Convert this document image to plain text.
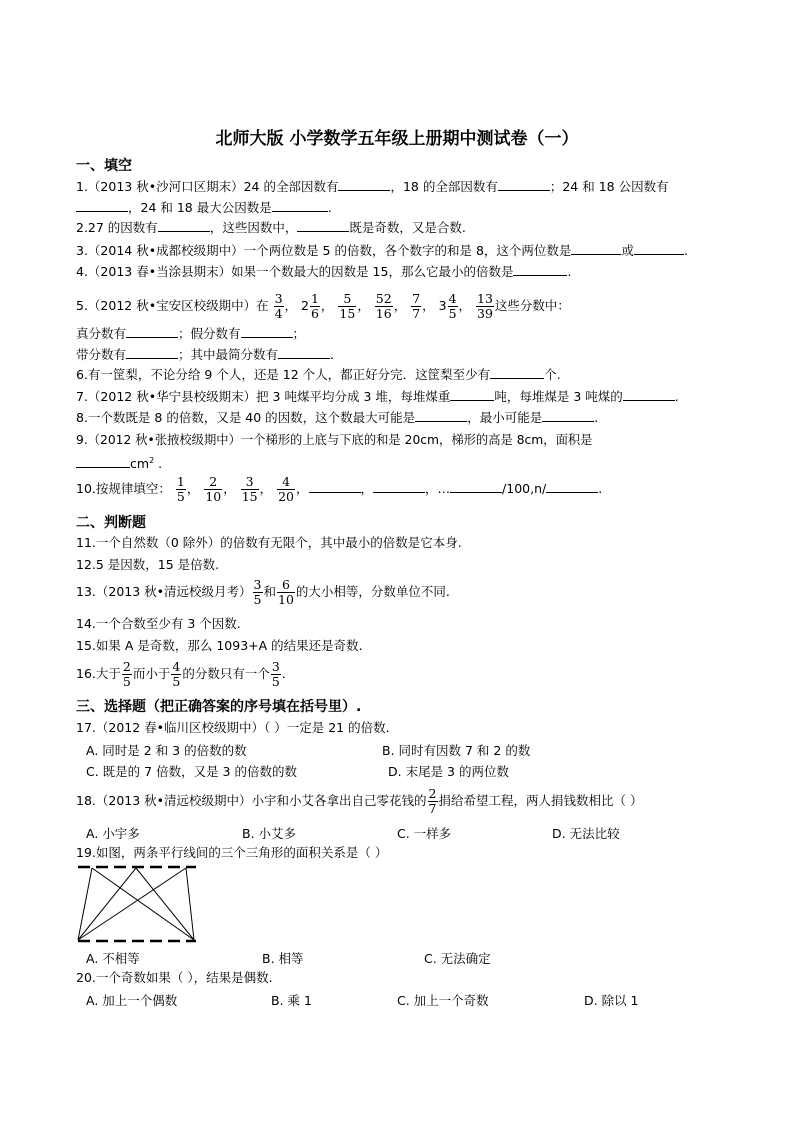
北师大版 小学数学五年级上册期中测试卷（一）
一、填空
1.（2013 秋•沙河口区期末）24 的全部因数有	，18 的全部因数有	；24 和 18 公因数有
，24 和 18 最大公因数是	.
2.27 的因数有	，这些因数中，	既是奇数，又是合数.
3.（2014 秋•成都校级期中）一个两位数是 5 的倍数，各个数字的和是 8，这个两位数是	或	.
4.（2013 春•当涂县期末）如果一个数最大的因数是 15，那么它最小的倍数是	.
5.（2012 秋•宝安区校级期中）在 $\frac{3}{4}$ ， $2 \frac{1}{6}$ ， $\frac{5}{15}$ ， $\frac{52}{16}$ ， $\frac{7}{7}$ ， $3 \frac{4}{5}$ ， $\frac{13}{39}$ 这些分数中：
真分数有	；假分数有	；
带分数有	；其中最简分数有	.
6.有一筐梨，不论分给 9 个人，还是 12 个人，都正好分完．这筐梨至少有	个.
7.（2012 秋•华宁县校级期末）把 3 吨煤平均分成 3 堆，每堆煤重	吨，每堆煤是 3 吨煤的	.
8.一个数既是 8 的倍数，又是 40 的因数，这个数最大可能是	，最小可能是	.
9.（2012 秋•张掖校级期中）一个梯形的上底与下底的和是 20cm，梯形的高是 8cm，面积是
$cm^2$ .
10.按规律填空： $\frac{1}{5}$ ， $\frac{2}{10}$ ， $\frac{3}{15}$ ， $\frac{4}{20}$ ，	，	，…	/100,n/	.
二、判断题
11.一个自然数（0 除外）的倍数有无限个，其中最小的倍数是它本身.
12.5 是因数，15 是倍数.
13.（2013 秋•清远校级月考） $\frac{3}{5}$ 和 $\frac{6}{10}$ 的大小相等，分数单位不同.
14.一个合数至少有 3 个因数.
15.如果 A 是奇数，那么 1093+A 的结果还是奇数.
16.大于 $\frac{2}{5}$ 而小于 $\frac{4}{5}$ 的分数只有一个 $\frac{3}{5}$ .
三、选择题（把正确答案的序号填在括号里）.
17.（2012 春•临川区校级期中）（ ）一定是 21 的倍数.
A. 同时是 2 和 3 的倍数的数	B. 同时有因数 7 和 2 的数
C. 既是的 7 倍数，又是 3 的倍数的数	D. 末尾是 3 的两位数
18.（2013 秋•清远校级期中）小宇和小艾各拿出自己零花钱的 $\frac{2}{7}$ 捐给希望工程，两人捐钱数相比（ ）
A. 小宇多	B. 小艾多	C. 一样多	D. 无法比较
19.如图，两条平行线间的三个三角形的面积关系是（ ）
A. 不相等	B. 相等	C. 无法确定
20.一个奇数如果（ ），结果是偶数.
A. 加上一个偶数	B. 乘 1	C. 加上一个奇数	D. 除以 1
